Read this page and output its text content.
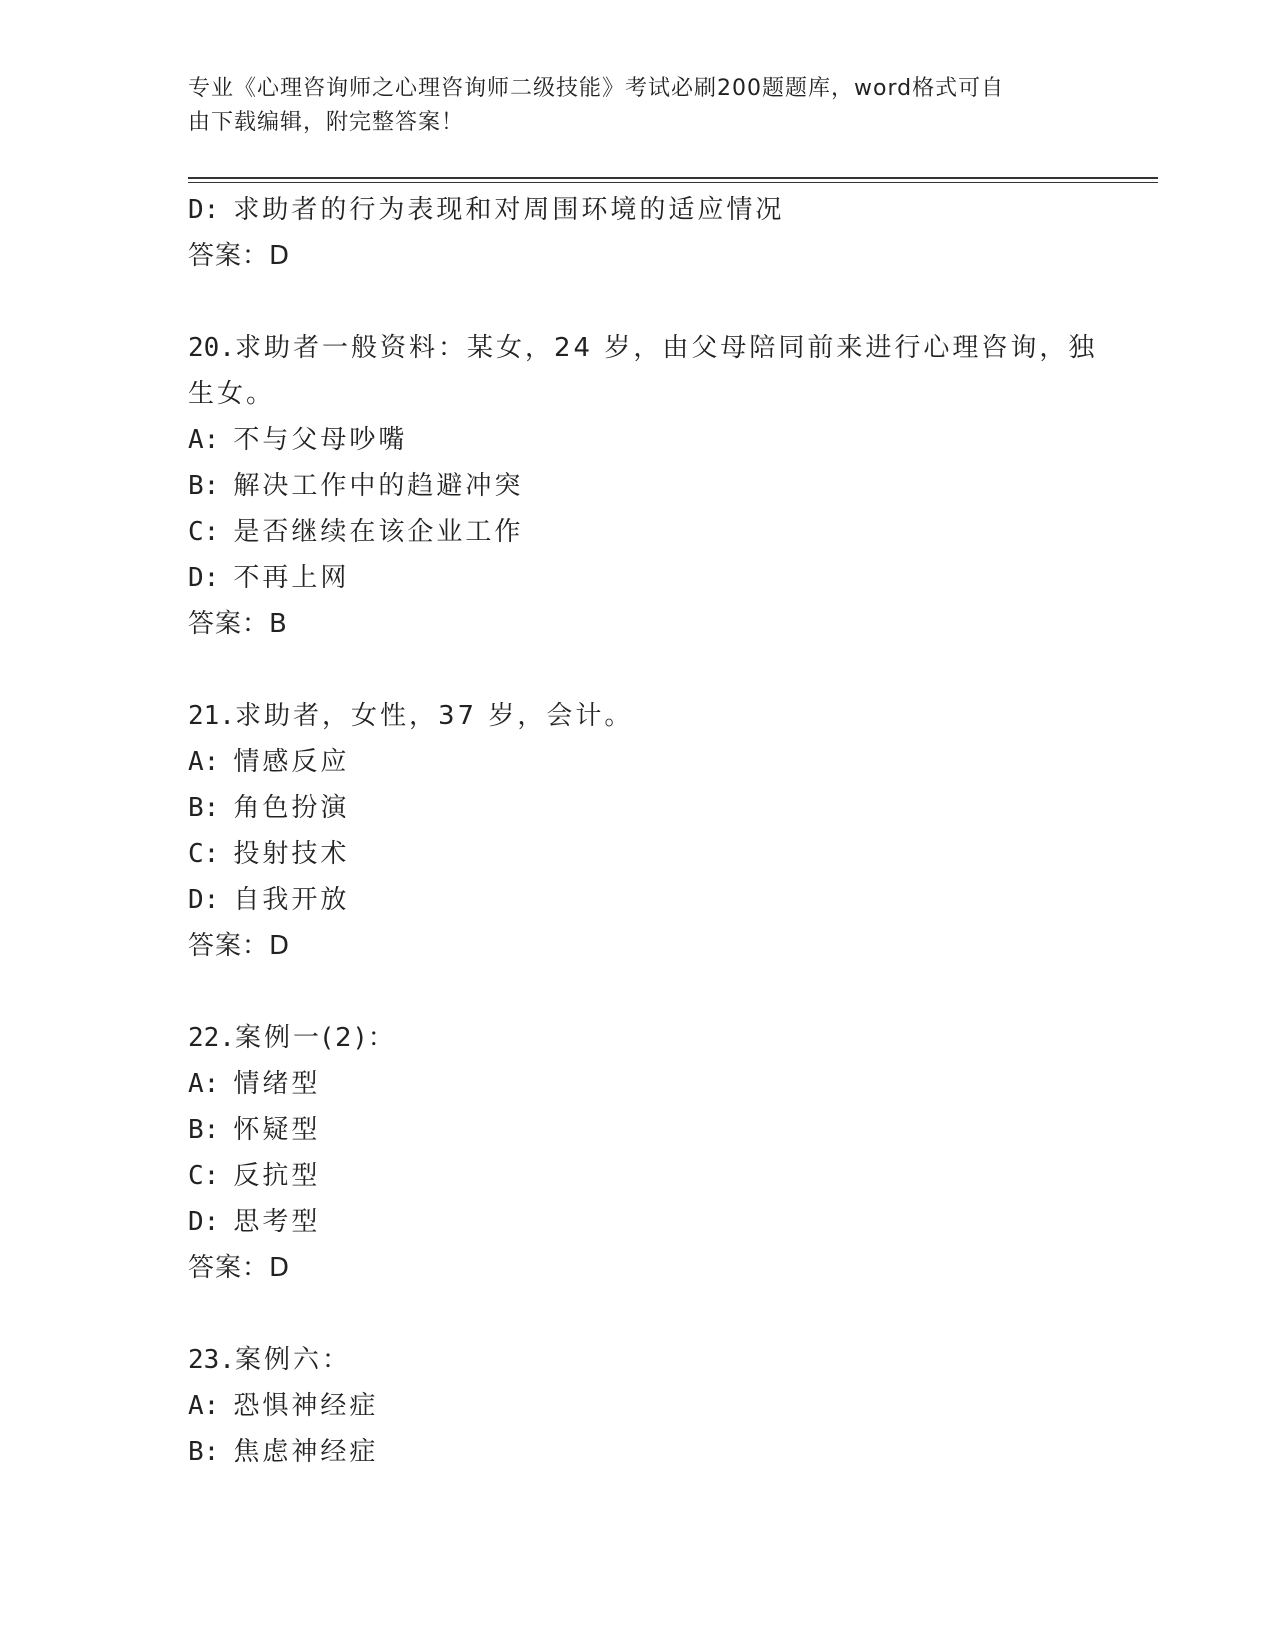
专业《心理咨询师之心理咨询师二级技能》考试必刷200题题库，word格式可自
由下载编辑，附完整答案！
D: 求助者的行为表现和对周围环境的适应情况
答案：D
20.求助者一般资料：某女，24 岁，由父母陪同前来进行心理咨询，独
生女。
A: 不与父母吵嘴
B: 解决工作中的趋避冲突
C: 是否继续在该企业工作
D: 不再上网
答案：B
21.求助者，女性，37 岁，会计。
A: 情感反应
B: 角色扮演
C: 投射技术
D: 自我开放
答案：D
22.案例一(2)：
A: 情绪型
B: 怀疑型
C: 反抗型
D: 思考型
答案：D
23.案例六：
A: 恐惧神经症
B: 焦虑神经症
